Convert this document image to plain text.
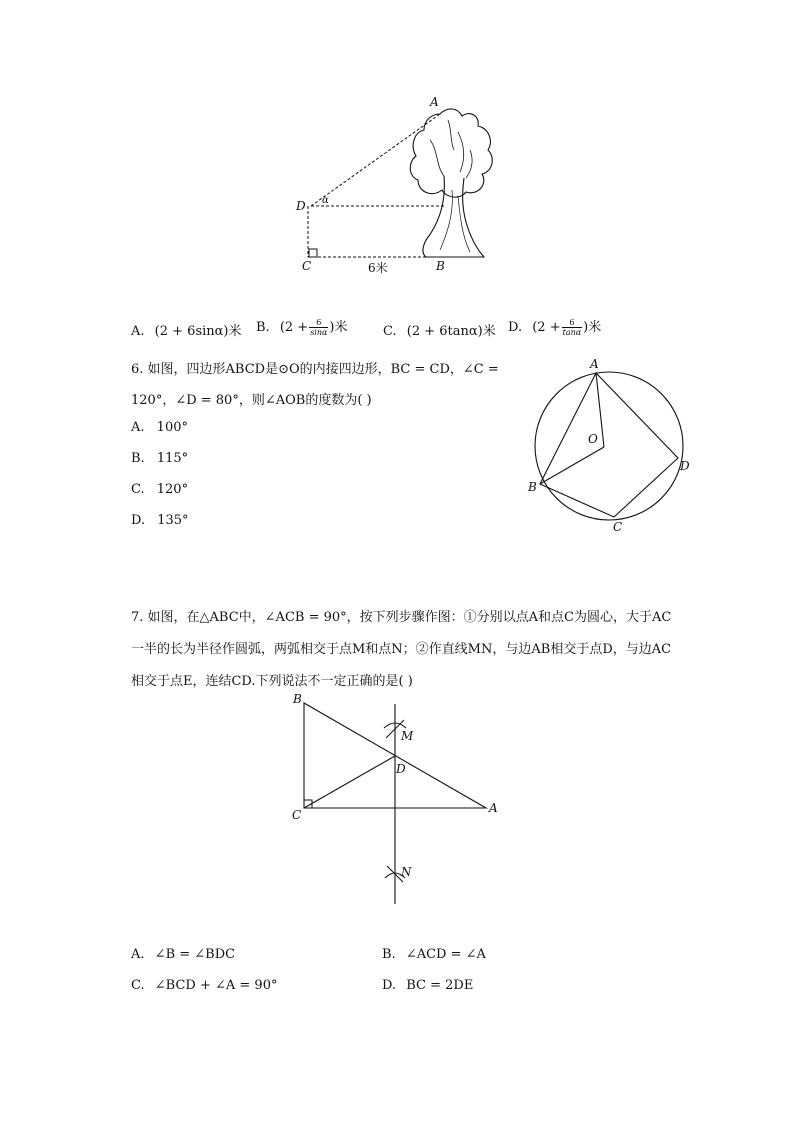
A
D α
C	B
6米
A. (2 + 6sinα)米 B. ($2 + \frac{6}{\sin\alpha}$ )米	C. (2 + 6tanα)米 D. ($2 + \frac{6}{\tan\alpha}$ )米
6. 如图，四边形ABCD是⊙O的内接四边形，BC = CD，∠C =
120°，∠D = 80°，则∠AOB的度数为( )
A. 100°
B. 115°
C. 120°
D. 135°
A
O
D
B
C
7. 如图，在△ABC中，∠ACB = 90°，按下列步骤作图：①分别以点A和点C为圆心，大于AC
一半的长为半径作圆弧，两弧相交于点M和点N；②作直线MN，与边AB相交于点D，与边AC
相交于点E，连结CD.下列说法不一定正确的是( )
B
M
D
C	A
N
A. ∠B = ∠BDC	B. ∠ACD = ∠A
C. ∠BCD + ∠A = 90°	D. BC = 2DE
